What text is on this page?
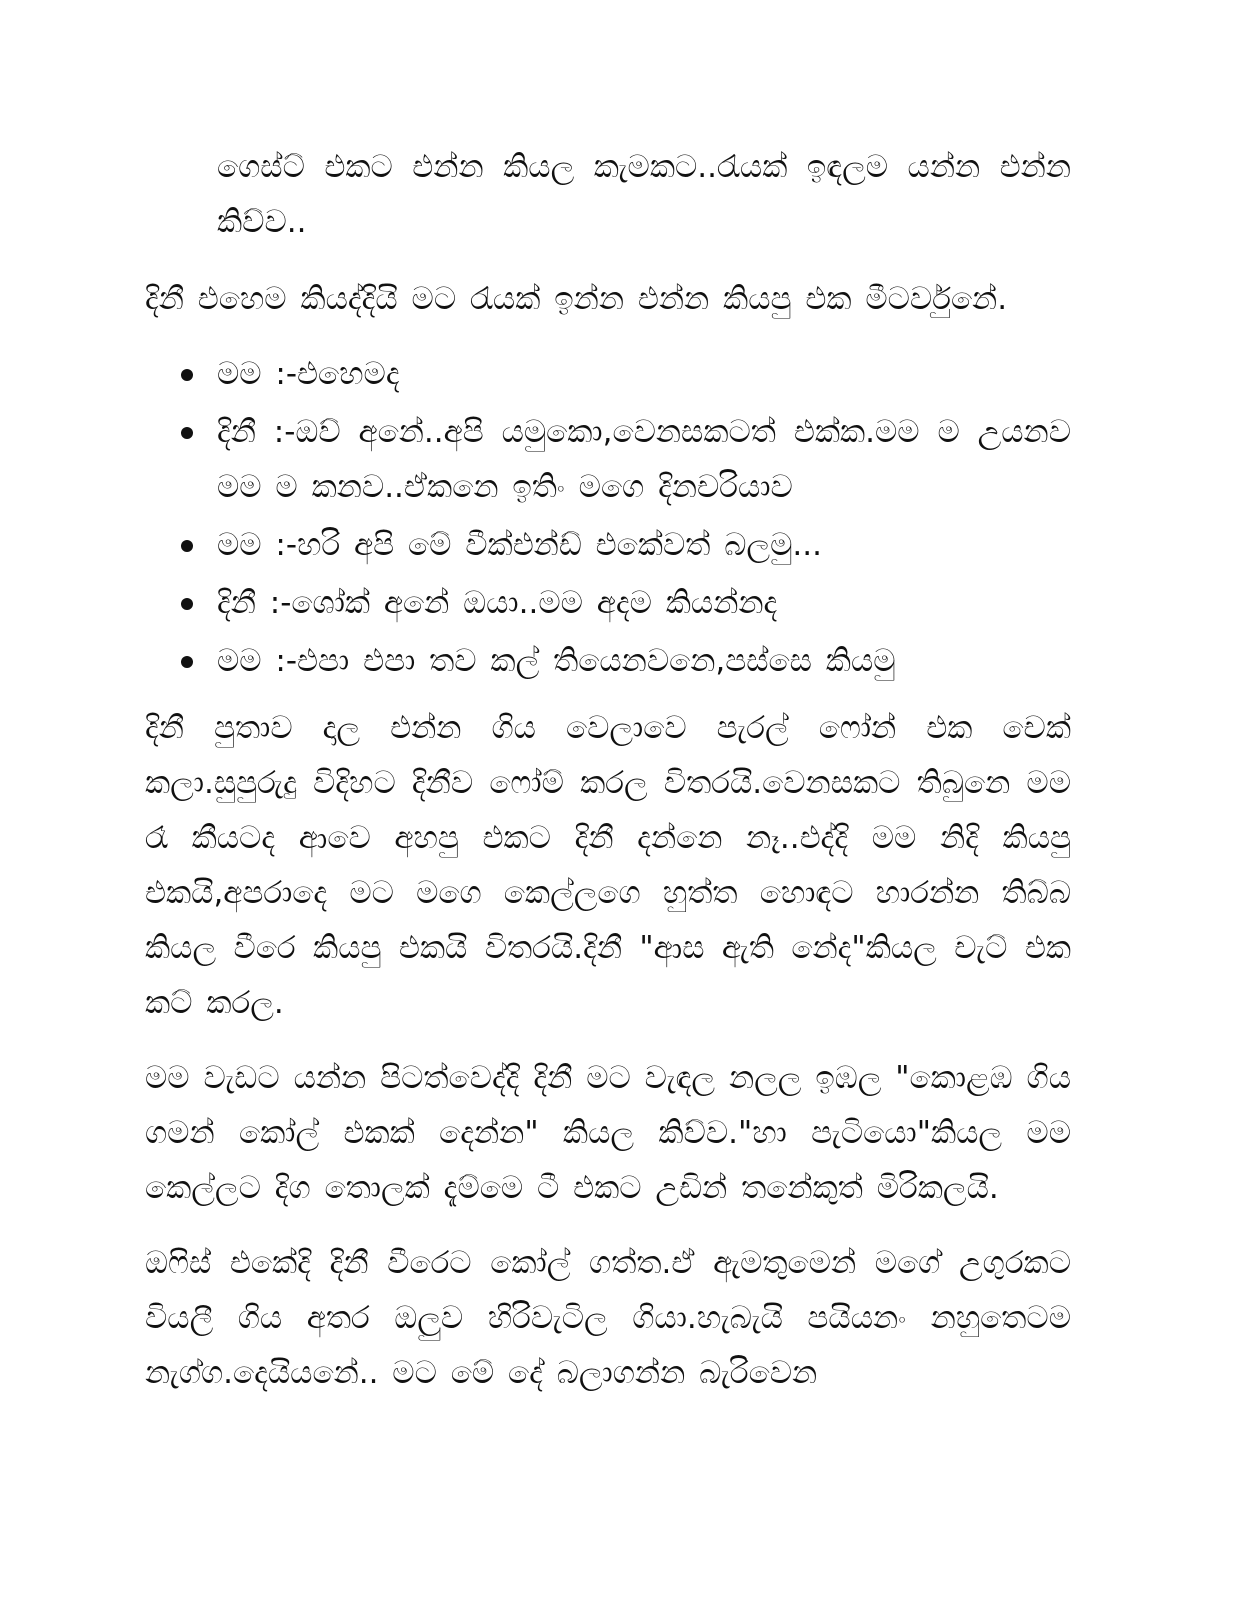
ගෙස්ට් එකට එන්න කියල කැමකට..රැයක් ඉඳලම යන්න එන්න කිව්ව..

දිනී එහෙම කියද්දියි මට රැයක් ඉන්න එන්න කියපු එක මීටර්වුනේ.

මම :-එහෙමද
දිනී :-ඔව් අනේ..අපි යමුකො,වෙනසකටත් එක්ක.මම ම උයනව මම ම කනව..ඒකනෙ ඉතිං මගෙ දිනචරියාව
මම :-හරි අපි මේ වීක්එන්ඩ් එකේවත් බලමු...
දිනී :-ශෝක් අනේ ඔයා..මම අදම කියන්නද
මම :-එපා එපා තව කල් තියෙනවනෙ,පස්සෙ කියමු

දිනී පුතාව දාල එන්න ගිය වෙලාවෙ පැරල් ෆෝන් එක චෙක් කලා.සුපුරුදු විදිහට දිනීව ෆෝම් කරල විතරයි.වෙනසකට තිබුනෙ මම රෑ කීයටද ආවෙ අහපු එකට දිනී දන්නෙ නෑ..එද්දි මම නිදි කියපු එකයි,අපරාදෙ මට මගෙ කෙල්ලගෙ හුත්ත හොඳට හාරන්න තිබ්බ කියල වීරෙ කියපු එකයි විතරයි.දිනී "ආස ඇති නේද"කියල චැට් එක කට් කරල.

මම වැඩට යන්න පිටත්වෙද්දි දිනී මට වැඳල නලල ඉඹල "කොළඹ ගිය ගමන් කෝල් එකක් දෙන්න" කියල කිව්ව."හා පැටියො"කියල මම කෙල්ලට දිග තොලක් දැම්මෙ ටී එකට උඩින් තනේකුත් මිරිකලයි.

ඔෆිස් එකේදි දිනී වීරෙට කෝල් ගත්ත.ඒ ඇමතුමෙන් මගේ උගුරකට වියලී ගිය අතර ඔලුව හිරිවැටිල ගියා.හැබැයි පයියනං නහුතෙටම නැග්ග.දෙයියනේ.. මට මේ දේ බලාගන්න බැරිවෙන
